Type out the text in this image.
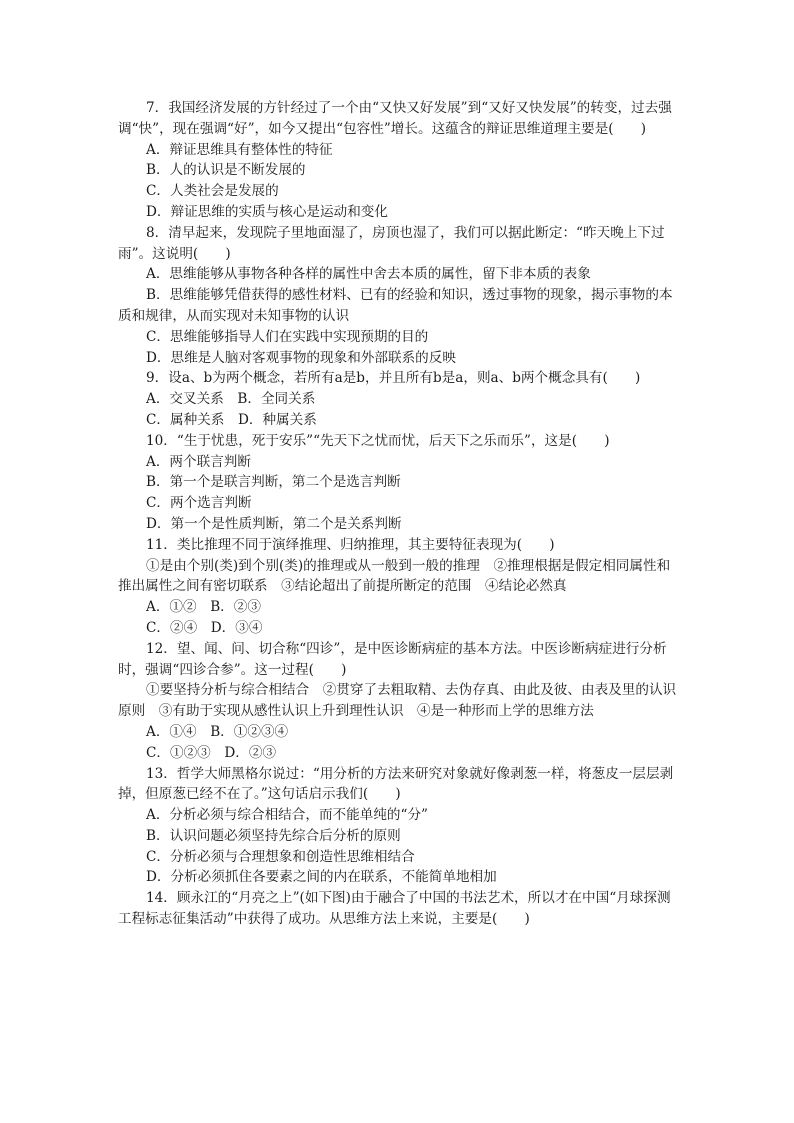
7．我国经济发展的方针经过了一个由“又快又好发展”到“又好又快发展”的转变，过去强调“快”，现在强调“好”，如今又提出“包容性”增长。这蕴含的辩证思维道理主要是(　　)

A．辩证思维具有整体性的特征

B．人的认识是不断发展的

C．人类社会是发展的

D．辩证思维的实质与核心是运动和变化

8．清早起来，发现院子里地面湿了，房顶也湿了，我们可以据此断定：“昨天晚上下过雨”。这说明(　　)

A．思维能够从事物各种各样的属性中舍去本质的属性，留下非本质的表象

B．思维能够凭借获得的感性材料、已有的经验和知识，透过事物的现象，揭示事物的本质和规律，从而实现对未知事物的认识

C．思维能够指导人们在实践中实现预期的目的

D．思维是人脑对客观事物的现象和外部联系的反映

9．设a、b为两个概念，若所有a是b，并且所有b是a，则a、b两个概念具有(　　)

A．交叉关系　B．全同关系

C．属种关系　D．种属关系

10．“生于忧患，死于安乐”“先天下之忧而忧，后天下之乐而乐”，这是(　　)

A．两个联言判断

B．第一个是联言判断，第二个是选言判断

C．两个选言判断

D．第一个是性质判断，第二个是关系判断

11．类比推理不同于演绎推理、归纳推理，其主要特征表现为(　　)

①是由个别(类)到个别(类)的推理或从一般到一般的推理　②推理根据是假定相同属性和推出属性之间有密切联系　③结论超出了前提所断定的范围　④结论必然真

A．①②　B．②③

C．②④　D．③④

12．望、闻、问、切合称“四诊”，是中医诊断病症的基本方法。中医诊断病症进行分析时，强调“四诊合参”。这一过程(　　)

①要坚持分析与综合相结合　②贯穿了去粗取精、去伪存真、由此及彼、由表及里的认识原则　③有助于实现从感性认识上升到理性认识　④是一种形而上学的思维方法

A．①④　B．①②③④

C．①②③　D．②③

13．哲学大师黑格尔说过：“用分析的方法来研究对象就好像剥葱一样，将葱皮一层层剥掉，但原葱已经不在了。”这句话启示我们(　　)

A．分析必须与综合相结合，而不能单纯的“分”

B．认识问题必须坚持先综合后分析的原则

C．分析必须与合理想象和创造性思维相结合

D．分析必须抓住各要素之间的内在联系，不能简单地相加

14．顾永江的“月亮之上”(如下图)由于融合了中国的书法艺术，所以才在中国“月球探测工程标志征集活动”中获得了成功。从思维方法上来说，主要是(　　)
